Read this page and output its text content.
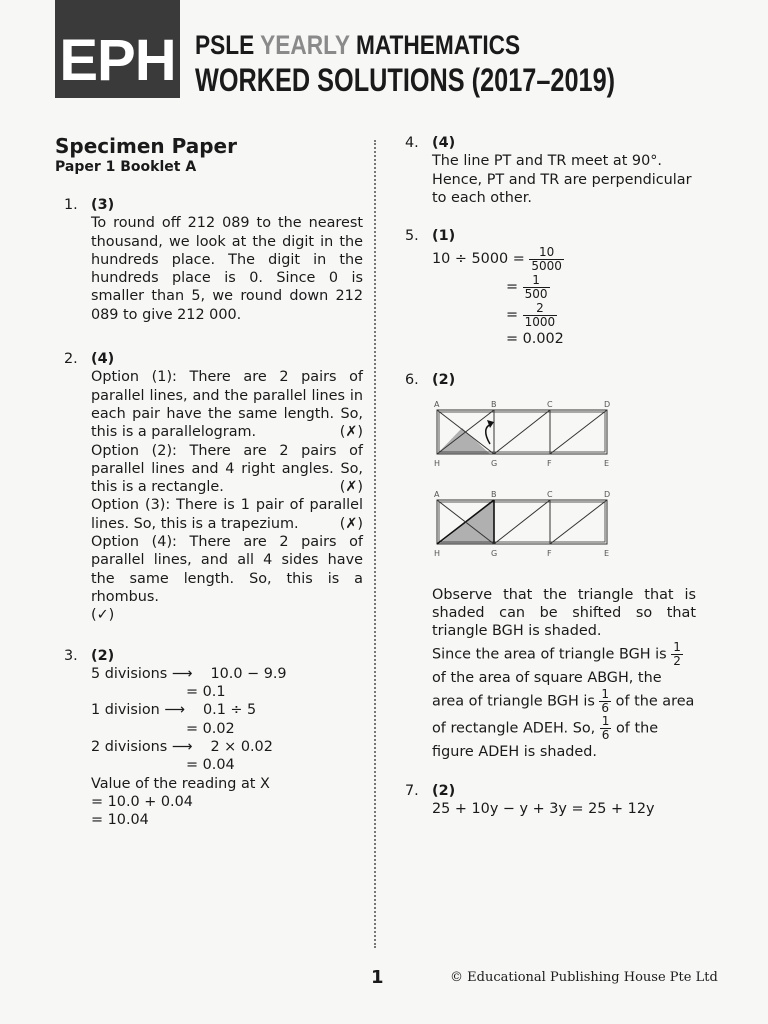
EPH PSLE YEARLY MATHEMATICS
WORKED SOLUTIONS (2017–2019)
Specimen Paper
Paper 1 Booklet A
1. (3)
To round off 212 089 to the nearest thousand, we look at the digit in the hundreds place. The digit in the hundreds place is 0. Since 0 is smaller than 5, we round down 212 089 to give 212 000.
2. (4)
Option (1): There are 2 pairs of parallel lines, and the parallel lines in each pair have the same length. So, this is a parallelogram.	(✗)
Option (2): There are 2 pairs of parallel lines and 4 right angles. So, this is a rectangle.	(✗)
Option (3): There is 1 pair of parallel lines. So, this is a trapezium.	(✗)
Option (4): There are 2 pairs of parallel lines, and all 4 sides have the same length. So, this is a rhombus.
(✓)
3. (2)
5 divisions ⟶ 10.0 − 9.9
= 0.1
1 division ⟶ 0.1 ÷ 5
= 0.02
2 divisions ⟶ 2 × 0.02
= 0.04
Value of the reading at X
= 10.0 + 0.04
= 10.04
4. (4)
The line PT and TR meet at 90°. Hence, PT and TR are perpendicular to each other.
5. (1)
$10 \div 5000 = \frac{10}{5000}$
= $\frac{1}{500}$
= $\frac{2}{1000}$
= 0.002
6. (2)
A	B	C	D
H	G	F	E
A	B	C	D
H	G	F	E
Observe that the triangle that is shaded can be shifted so that triangle BGH is shaded.
Since the area of triangle BGH is $\frac{1}{2}$
of the area of square ABGH, the area of triangle BGH is $\frac{1}{6}$ of the area of rectangle ADEH. So, $\frac{1}{6}$ of the figure ADEH is shaded.
7. (2)
25 + 10y − y + 3y = 25 + 12y
1	© Educational Publishing House Pte Ltd
